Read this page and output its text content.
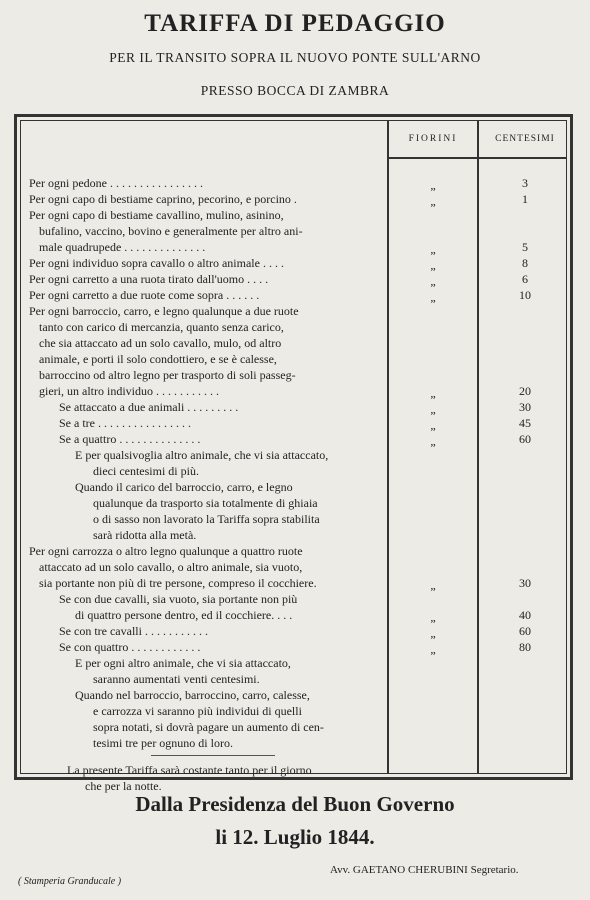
TARIFFA DI PEDAGGIO
PER IL TRANSITO SOPRA IL NUOVO PONTE SULL'ARNO
PRESSO BOCCA DI ZAMBRA
FIORINI	CENTESIMI
Per ogni pedone . . . . . . . . . . . . . . . .
Per ogni capo di bestiame caprino, pecorino, e porcino .
Per ogni capo di bestiame cavallino, mulino, asinino,
bufalino, vaccino, bovino e generalmente per altro ani-
male quadrupede . . . . . . . . . . . . . .
Per ogni individuo sopra cavallo o altro animale . . . .
Per ogni carretto a una ruota tirato dall'uomo . . . .
Per ogni carretto a due ruote come sopra . . . . . .
Per ogni barroccio, carro, e legno qualunque a due ruote
tanto con carico di mercanzia, quanto senza carico,
che sia attaccato ad un solo cavallo, mulo, od altro
animale, e porti il solo condottiero, e se è calesse,
barroccino od altro legno per trasporto di soli passeg-
gieri, un altro individuo . . . . . . . . . . .
Se attaccato a due animali . . . . . . . . .
Se a tre . . . . . . . . . . . . . . . .
Se a quattro . . . . . . . . . . . . . .
E per qualsivoglia altro animale, che vi sia attaccato,
dieci centesimi di più.
Quando il carico del barroccio, carro, e legno
qualunque da trasporto sia totalmente di ghiaia
o di sasso non lavorato la Tariffa sopra stabilita
sarà ridotta alla metà.
Per ogni carrozza o altro legno qualunque a quattro ruote
attaccato ad un solo cavallo, o altro animale, sia vuoto,
sia portante non più di tre persone, compreso il cocchiere.
Se con due cavalli, sia vuoto, sia portante non più
di quattro persone dentro, ed il cocchiere. . . .
Se con tre cavalli . . . . . . . . . . .
Se con quattro . . . . . . . . . . . .
E per ogni altro animale, che vi sia attaccato,
saranno aumentati venti centesimi.
Quando nel barroccio, barroccino, carro, calesse,
e carrozza vi saranno più individui di quelli
sopra notati, si dovrà pagare un aumento di cen-
tesimi tre per ognuno di loro.
La presente Tariffa sarà costante tanto per il giorno
che per la notte.
„
„
„
„
„
„
„
„
„
„
„
„
„
„
3
1
5
8
6
10
20
30
45
60
30
40
60
80
Dalla Presidenza del Buon Governo
li 12. Luglio 1844.
Avv. GAETANO CHERUBINI Segretario.
( Stamperia Granducale )
